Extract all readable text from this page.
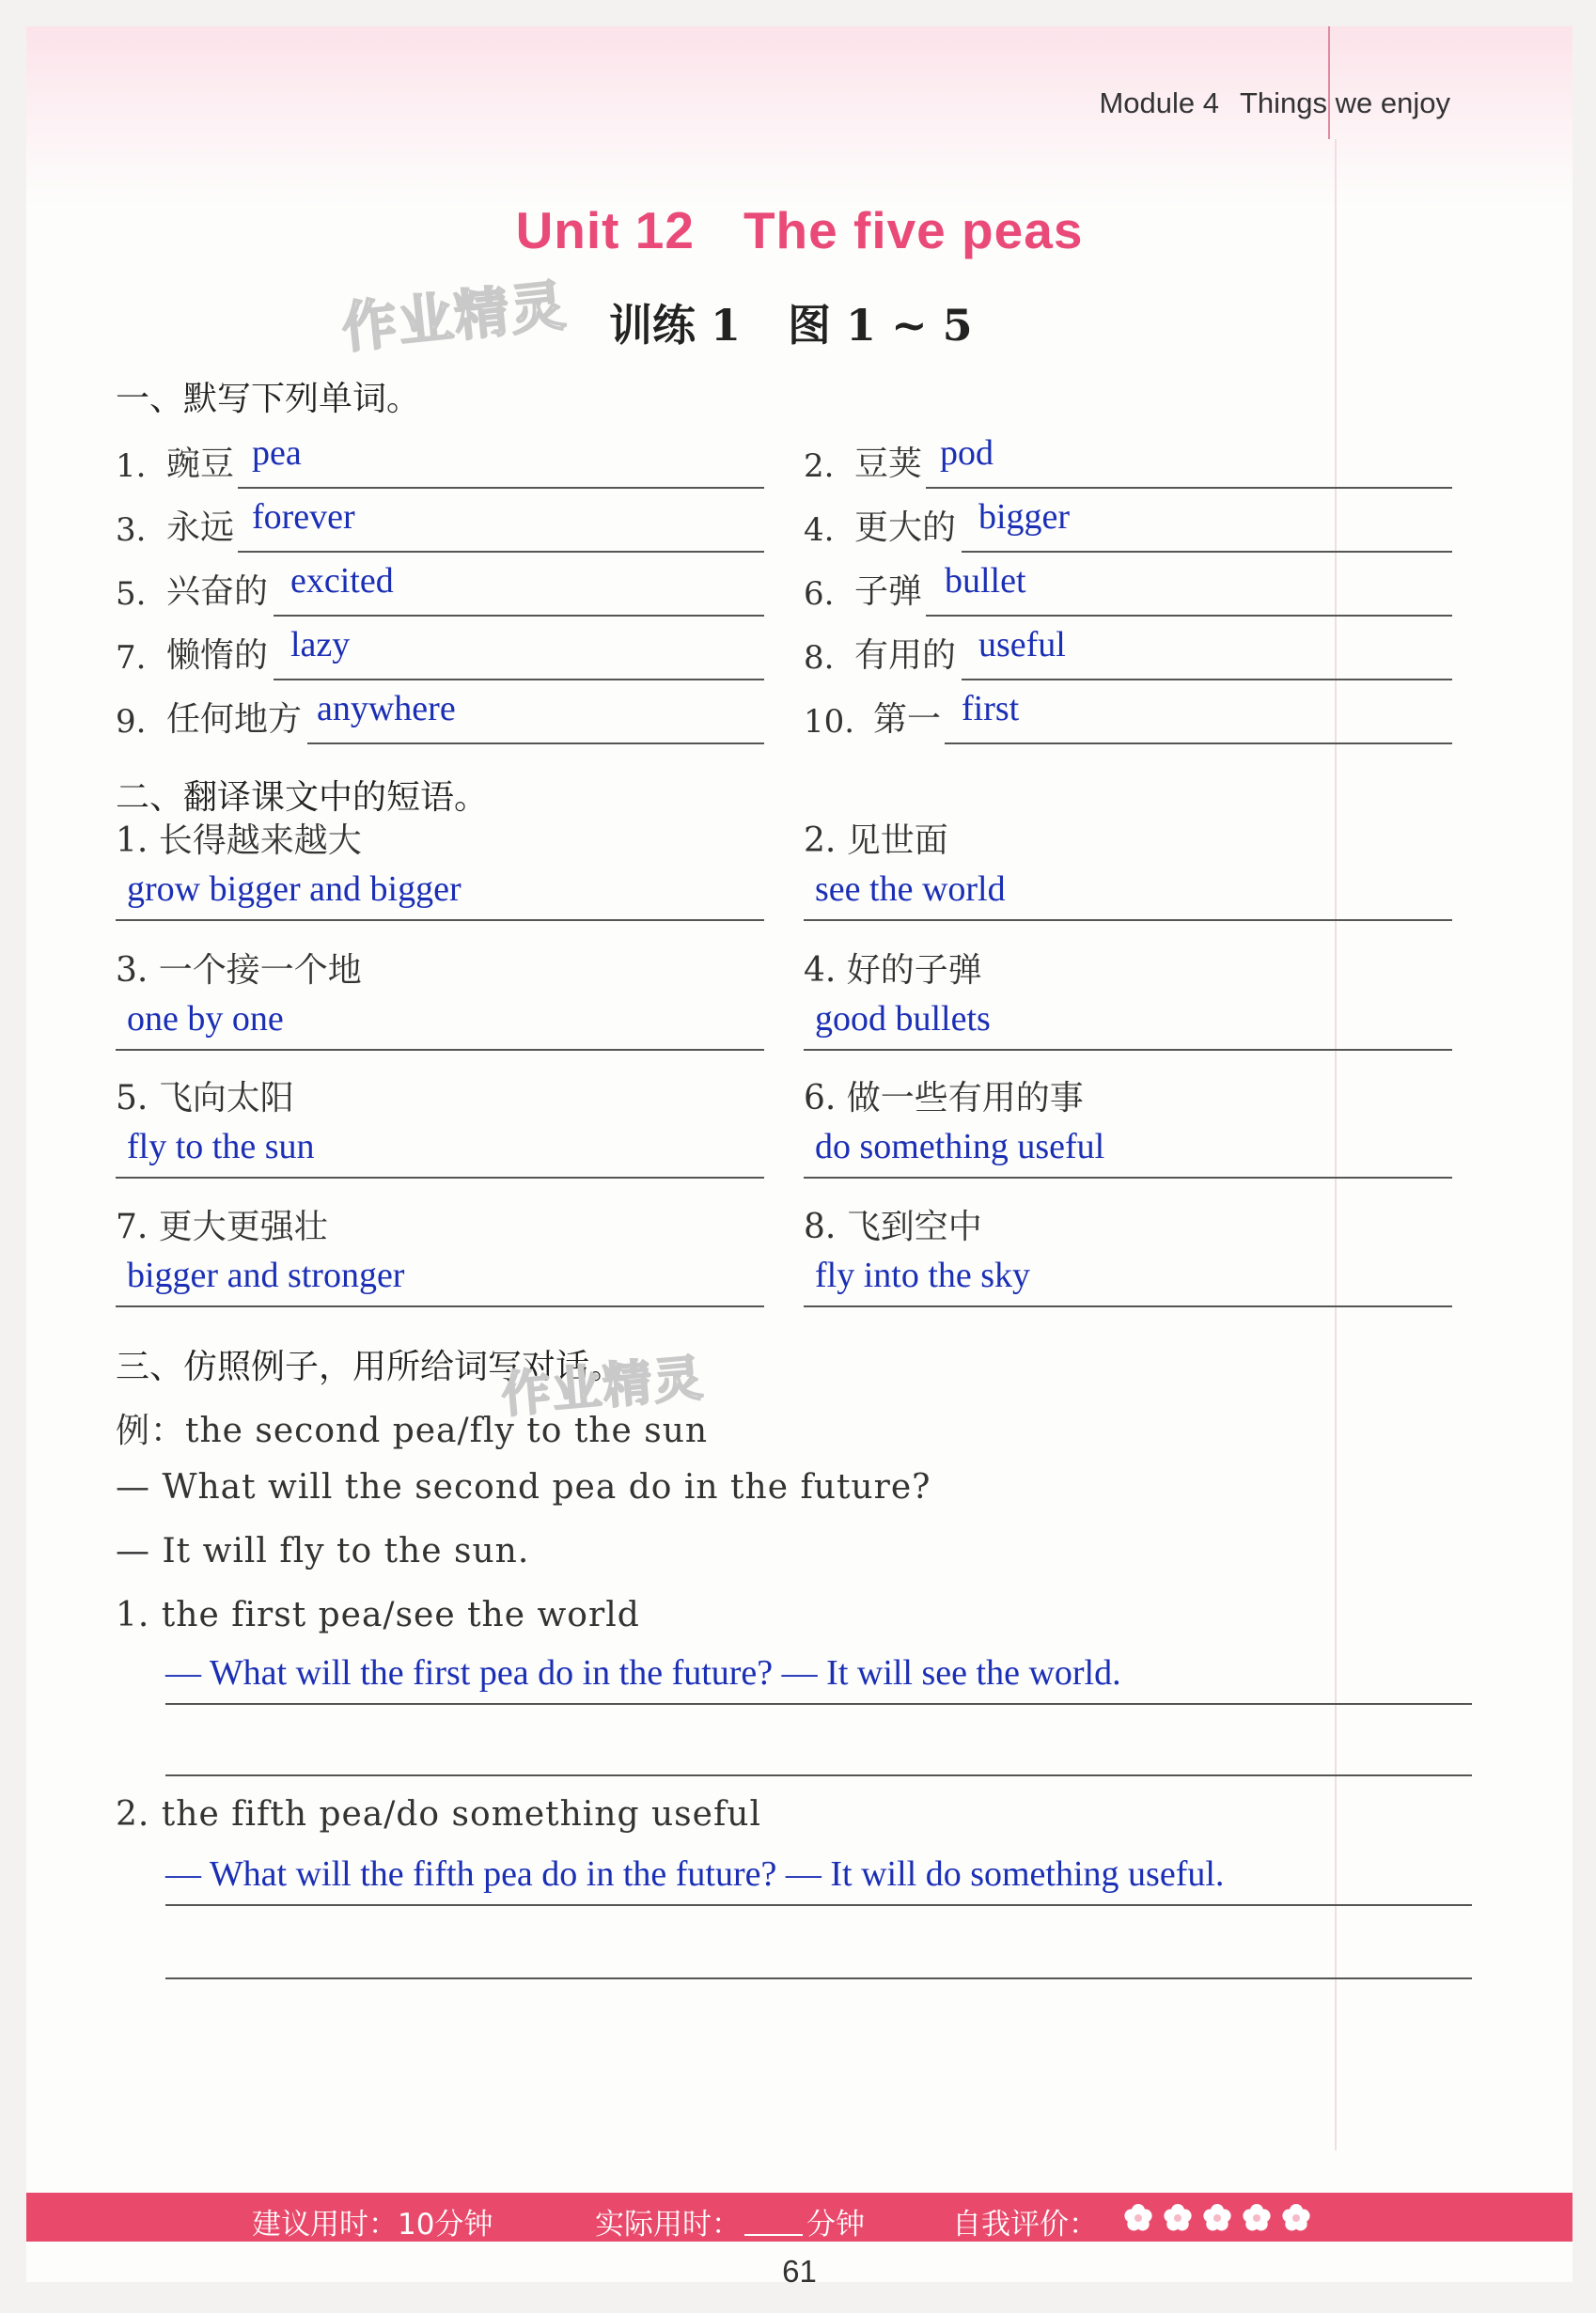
Module 4 Things we enjoy
Unit 12 The five peas
作业精灵 训练 1 图 1 ~ 5
一、默写下列单词。
1. 豌豆 pea	2. 豆荚 pod
3. 永远 forever	4. 更大的 bigger
5. 兴奋的 excited	6. 子弹 bullet
7. 懒惰的 lazy	8. 有用的 useful
9. 任何地方 anywhere	10. 第一 first
二、翻译课文中的短语。
1. 长得越来越大
grow bigger and bigger
2. 见世面
see the world
3. 一个接一个地
one by one
4. 好的子弹
good bullets
5. 飞向太阳
fly to the sun
6. 做一些有用的事
do something useful
7. 更大更强壮
bigger and stronger
8. 飞到空中
fly into the sky
三、仿照例子，用所给词写对话。
作业精灵
例：the second pea/fly to the sun
— What will the second pea do in the future?
— It will fly to the sun.
1. the first pea/see the world
— What will the first pea do in the future? — It will see the world.
2. the fifth pea/do something useful
— What will the fifth pea do in the future? — It will do something useful.
建议用时：10分钟	实际用时： 分钟	自我评价：
61
